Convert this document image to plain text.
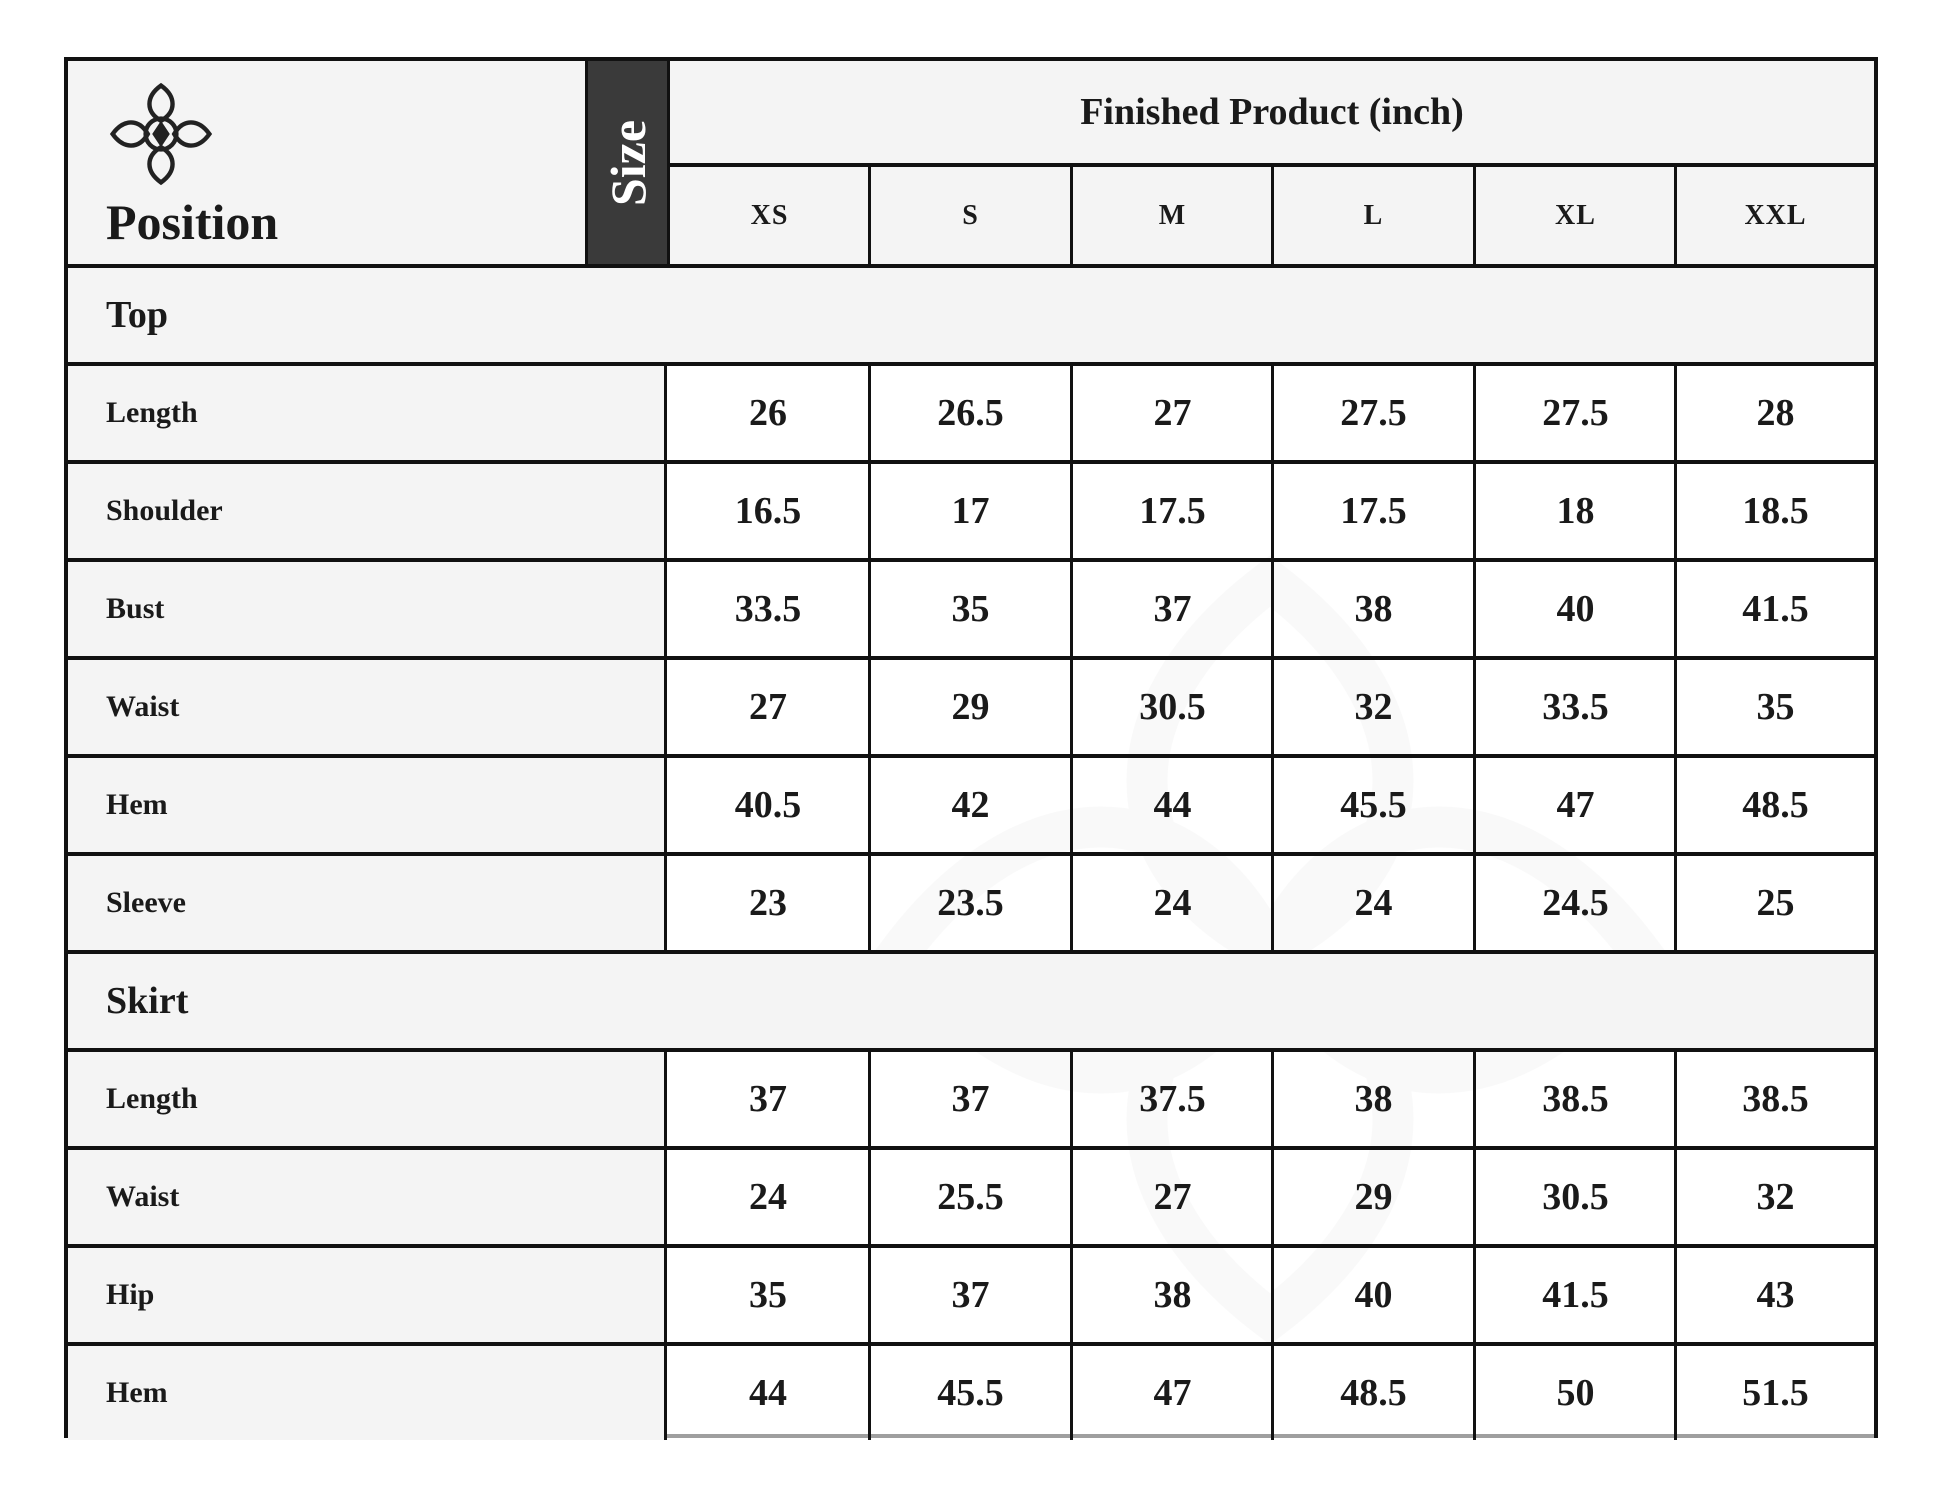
Position
Size
Finished Product (inch)
XS	S	M	L	XL	XXL
Top
Length	26	26.5	27	27.5	27.5	28
Shoulder	16.5	17	17.5	17.5	18	18.5
Bust	33.5	35	37	38	40	41.5
Waist	27	29	30.5	32	33.5	35
Hem	40.5	42	44	45.5	47	48.5
Sleeve	23	23.5	24	24	24.5	25
Skirt
Length	37	37	37.5	38	38.5	38.5
Waist	24	25.5	27	29	30.5	32
Hip	35	37	38	40	41.5	43
Hem	44	45.5	47	48.5	50	51.5
